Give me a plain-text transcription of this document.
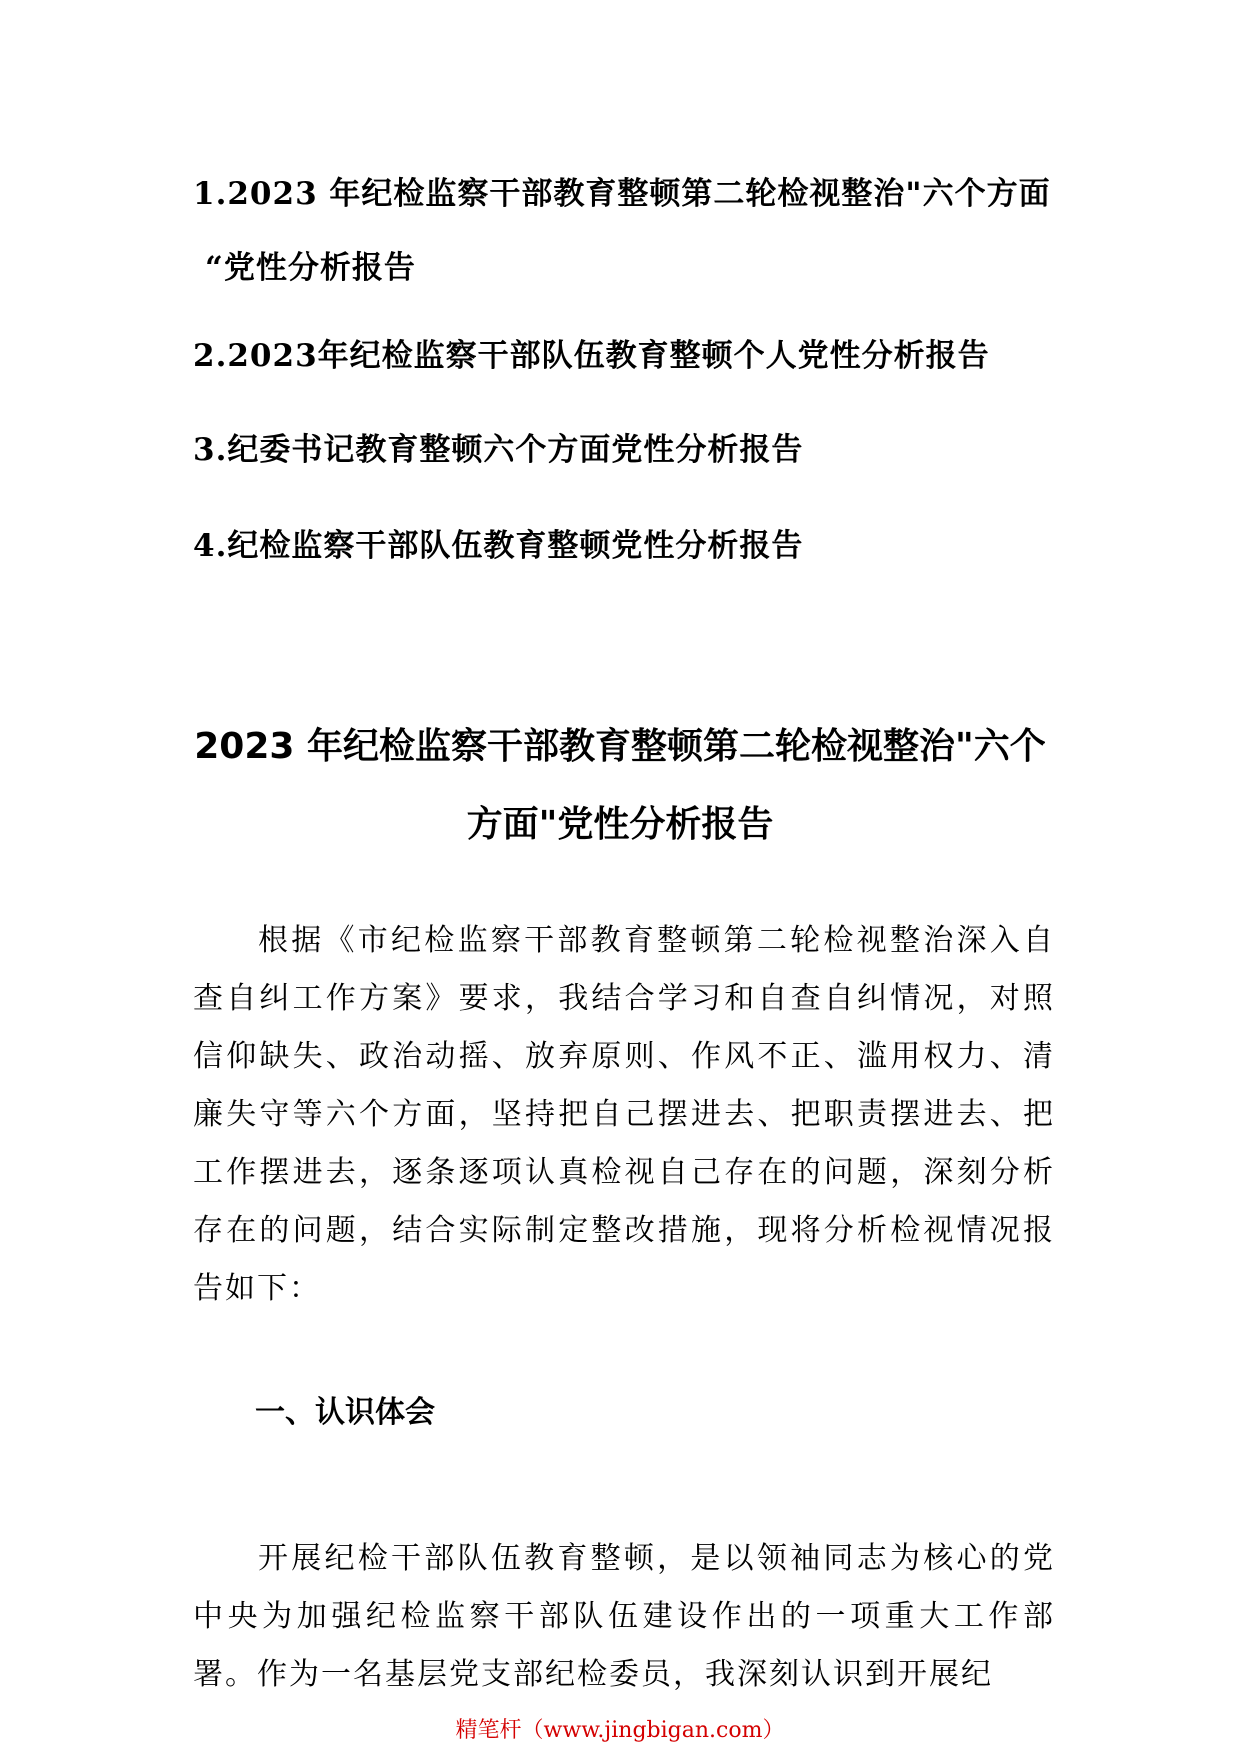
1.2023 年纪检监察干部教育整顿第二轮检视整治"六个方面
“党性分析报告
2.2023年纪检监察干部队伍教育整顿个人党性分析报告
3.纪委书记教育整顿六个方面党性分析报告
4.纪检监察干部队伍教育整顿党性分析报告
2023 年纪检监察干部教育整顿第二轮检视整治"六个
方面"党性分析报告
根据《市纪检监察干部教育整顿第二轮检视整治深入自查自纠工作方案》要求，我结合学习和自查自纠情况，对照信仰缺失、政治动摇、放弃原则、作风不正、滥用权力、清廉失守等六个方面，坚持把自己摆进去、把职责摆进去、把工作摆进去，逐条逐项认真检视自己存在的问题，深刻分析存在的问题，结合实际制定整改措施，现将分析检视情况报告如下：
一、认识体会
开展纪检干部队伍教育整顿，是以领袖同志为核心的党中央为加强纪检监察干部队伍建设作出的一项重大工作部署。作为一名基层党支部纪检委员，我深刻认识到开展纪
精笔杆（www.jingbigan.com）
